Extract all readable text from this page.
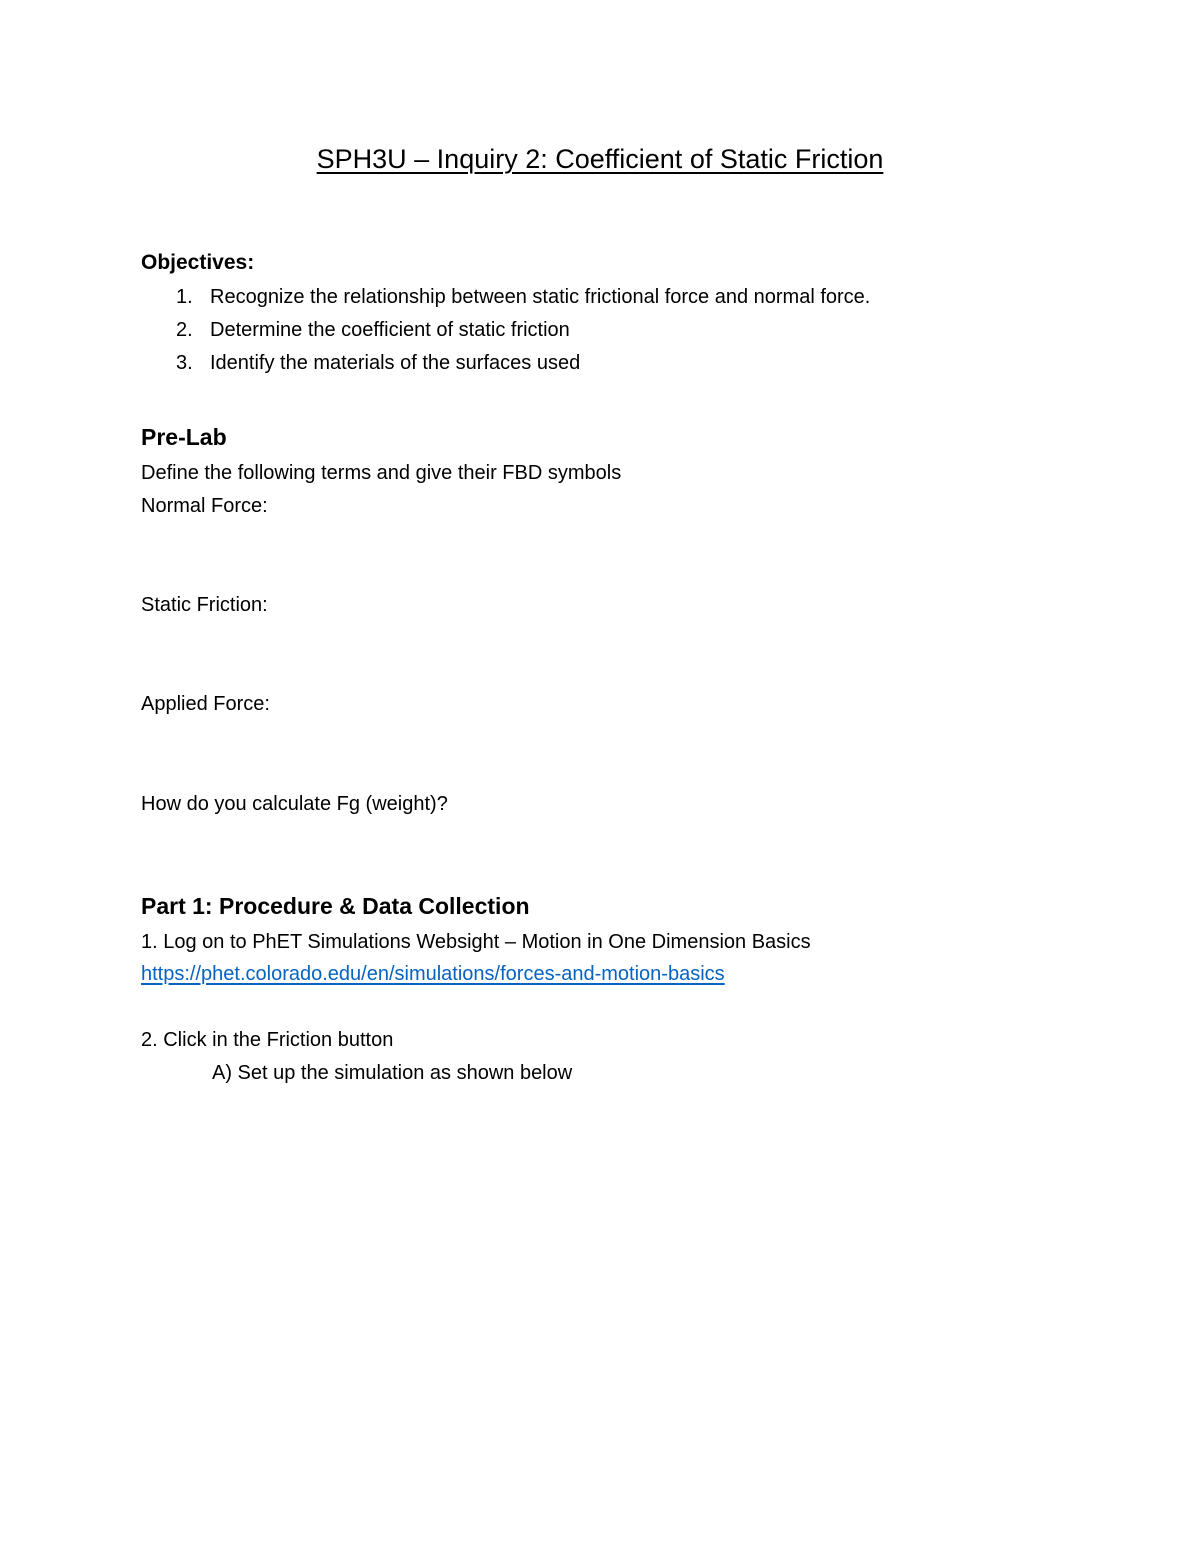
SPH3U – Inquiry 2: Coefficient of Static Friction
Objectives:
1. Recognize the relationship between static frictional force and normal force.
2. Determine the coefficient of static friction
3. Identify the materials of the surfaces used
Pre-Lab
Define the following terms and give their FBD symbols
Normal Force:
Static Friction:
Applied Force:
How do you calculate Fg (weight)?
Part 1: Procedure & Data Collection
1. Log on to PhET Simulations Websight – Motion in One Dimension Basics
https://phet.colorado.edu/en/simulations/forces-and-motion-basics
2. Click in the Friction button
A) Set up the simulation as shown below
